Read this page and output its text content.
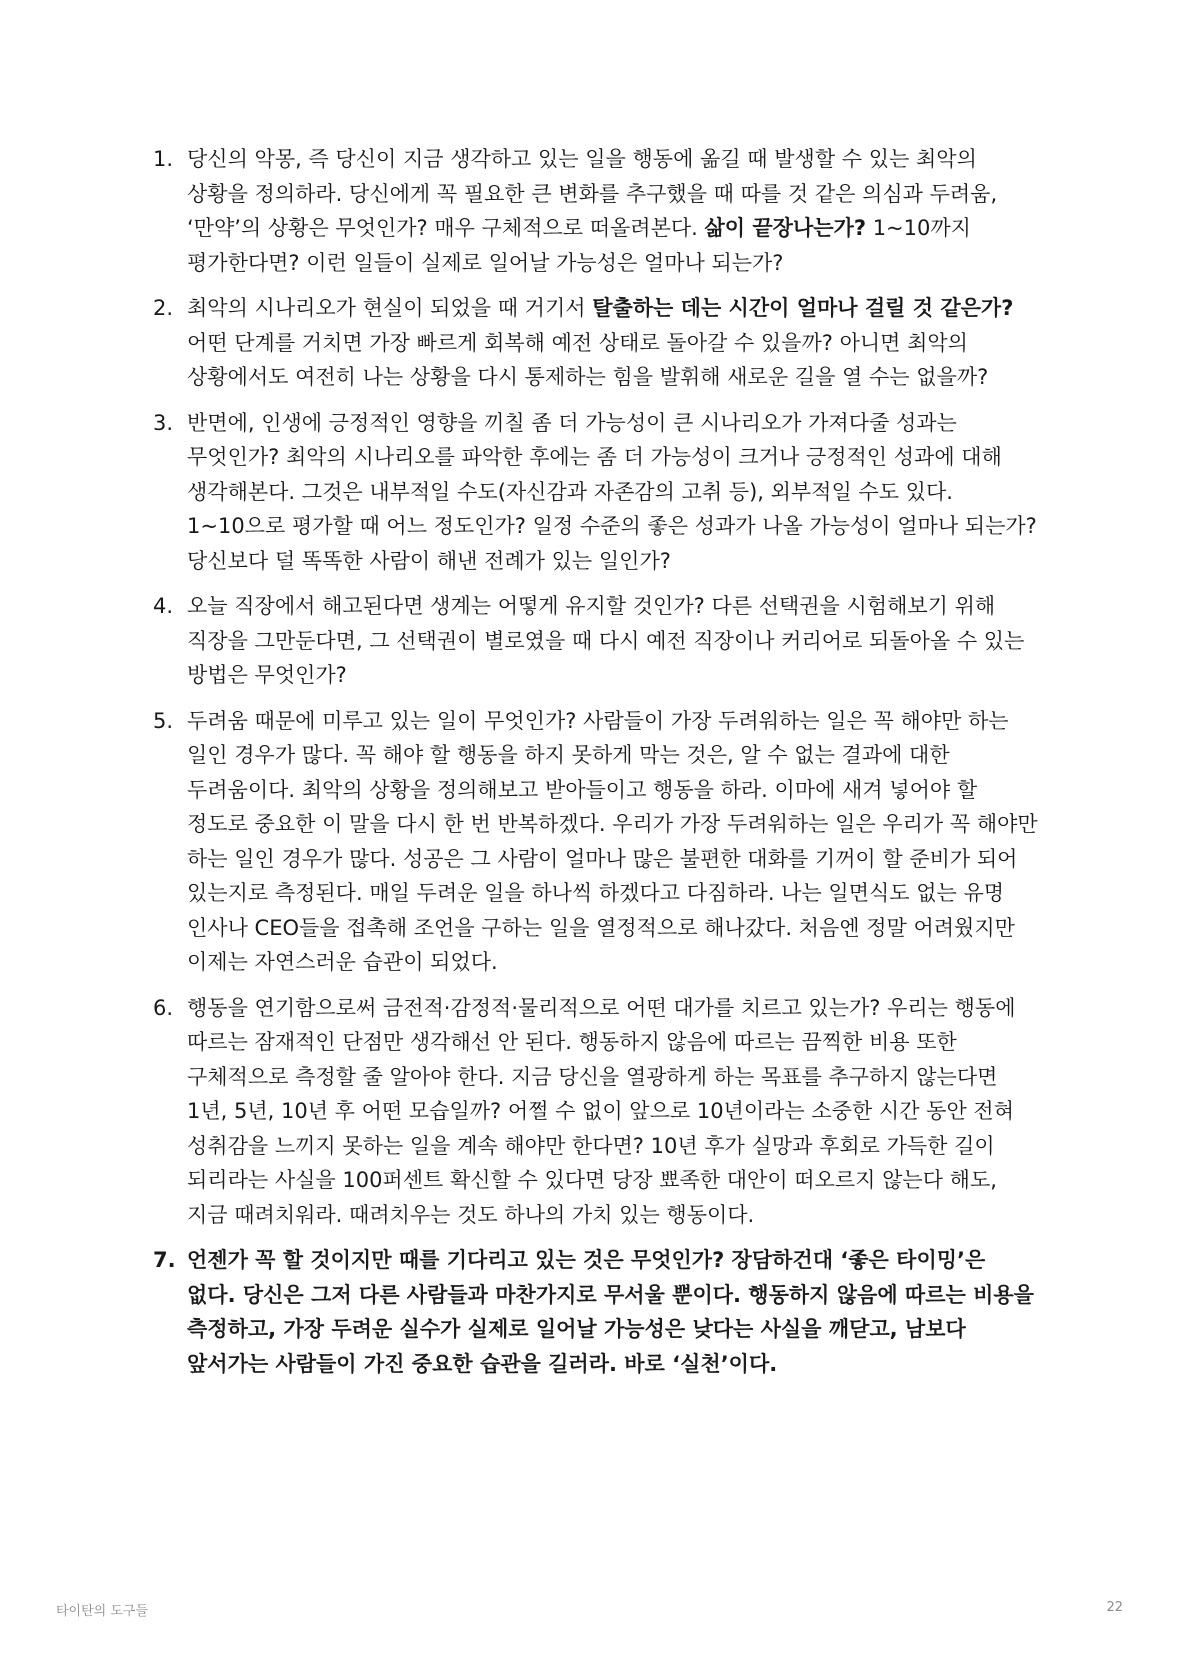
1. 당신의 악몽, 즉 당신이 지금 생각하고 있는 일을 행동에 옮길 때 발생할 수 있는 최악의 상황을 정의하라. 당신에게 꼭 필요한 큰 변화를 추구했을 때 따를 것 같은 의심과 두려움, ‘만약’의 상황은 무엇인가? 매우 구체적으로 떠올려본다. 삶이 끝장나는가? 1~10까지 평가한다면? 이런 일들이 실제로 일어날 가능성은 얼마나 되는가?
2. 최악의 시나리오가 현실이 되었을 때 거기서 탈출하는 데는 시간이 얼마나 걸릴 것 같은가? 어떤 단계를 거치면 가장 빠르게 회복해 예전 상태로 돌아갈 수 있을까? 아니면 최악의 상황에서도 여전히 나는 상황을 다시 통제하는 힘을 발휘해 새로운 길을 열 수는 없을까?
3. 반면에, 인생에 긍정적인 영향을 끼칠 좀 더 가능성이 큰 시나리오가 가져다줄 성과는 무엇인가? 최악의 시나리오를 파악한 후에는 좀 더 가능성이 크거나 긍정적인 성과에 대해 생각해본다. 그것은 내부적일 수도(자신감과 자존감의 고취 등), 외부적일 수도 있다. 1~10으로 평가할 때 어느 정도인가? 일정 수준의 좋은 성과가 나올 가능성이 얼마나 되는가? 당신보다 덜 똑똑한 사람이 해낸 전례가 있는 일인가?
4. 오늘 직장에서 해고된다면 생계는 어떻게 유지할 것인가? 다른 선택권을 시험해보기 위해 직장을 그만둔다면, 그 선택권이 별로였을 때 다시 예전 직장이나 커리어로 되돌아올 수 있는 방법은 무엇인가?
5. 두려움 때문에 미루고 있는 일이 무엇인가? 사람들이 가장 두려워하는 일은 꼭 해야만 하는 일인 경우가 많다. 꼭 해야 할 행동을 하지 못하게 막는 것은, 알 수 없는 결과에 대한 두려움이다. 최악의 상황을 정의해보고 받아들이고 행동을 하라. 이마에 새겨 넣어야 할 정도로 중요한 이 말을 다시 한 번 반복하겠다. 우리가 가장 두려워하는 일은 우리가 꼭 해야만 하는 일인 경우가 많다. 성공은 그 사람이 얼마나 많은 불편한 대화를 기꺼이 할 준비가 되어 있는지로 측정된다. 매일 두려운 일을 하나씩 하겠다고 다짐하라. 나는 일면식도 없는 유명 인사나 CEO들을 접촉해 조언을 구하는 일을 열정적으로 해나갔다. 처음엔 정말 어려웠지만 이제는 자연스러운 습관이 되었다.
6. 행동을 연기함으로써 금전적·감정적·물리적으로 어떤 대가를 치르고 있는가? 우리는 행동에 따르는 잠재적인 단점만 생각해선 안 된다. 행동하지 않음에 따르는 끔찍한 비용 또한 구체적으로 측정할 줄 알아야 한다. 지금 당신을 열광하게 하는 목표를 추구하지 않는다면 1년, 5년, 10년 후 어떤 모습일까? 어쩔 수 없이 앞으로 10년이라는 소중한 시간 동안 전혀 성취감을 느끼지 못하는 일을 계속 해야만 한다면? 10년 후가 실망과 후회로 가득한 길이 되리라는 사실을 100퍼센트 확신할 수 있다면 당장 뾰족한 대안이 떠오르지 않는다 해도, 지금 때려치워라. 때려치우는 것도 하나의 가치 있는 행동이다.
7. 언젠가 꼭 할 것이지만 때를 기다리고 있는 것은 무엇인가? 장담하건대 ‘좋은 타이밍’은 없다. 당신은 그저 다른 사람들과 마찬가지로 무서울 뿐이다. 행동하지 않음에 따르는 비용을 측정하고, 가장 두려운 실수가 실제로 일어날 가능성은 낮다는 사실을 깨닫고, 남보다 앞서가는 사람들이 가진 중요한 습관을 길러라. 바로 ‘실천’이다.
타이탄의 도구들	22
